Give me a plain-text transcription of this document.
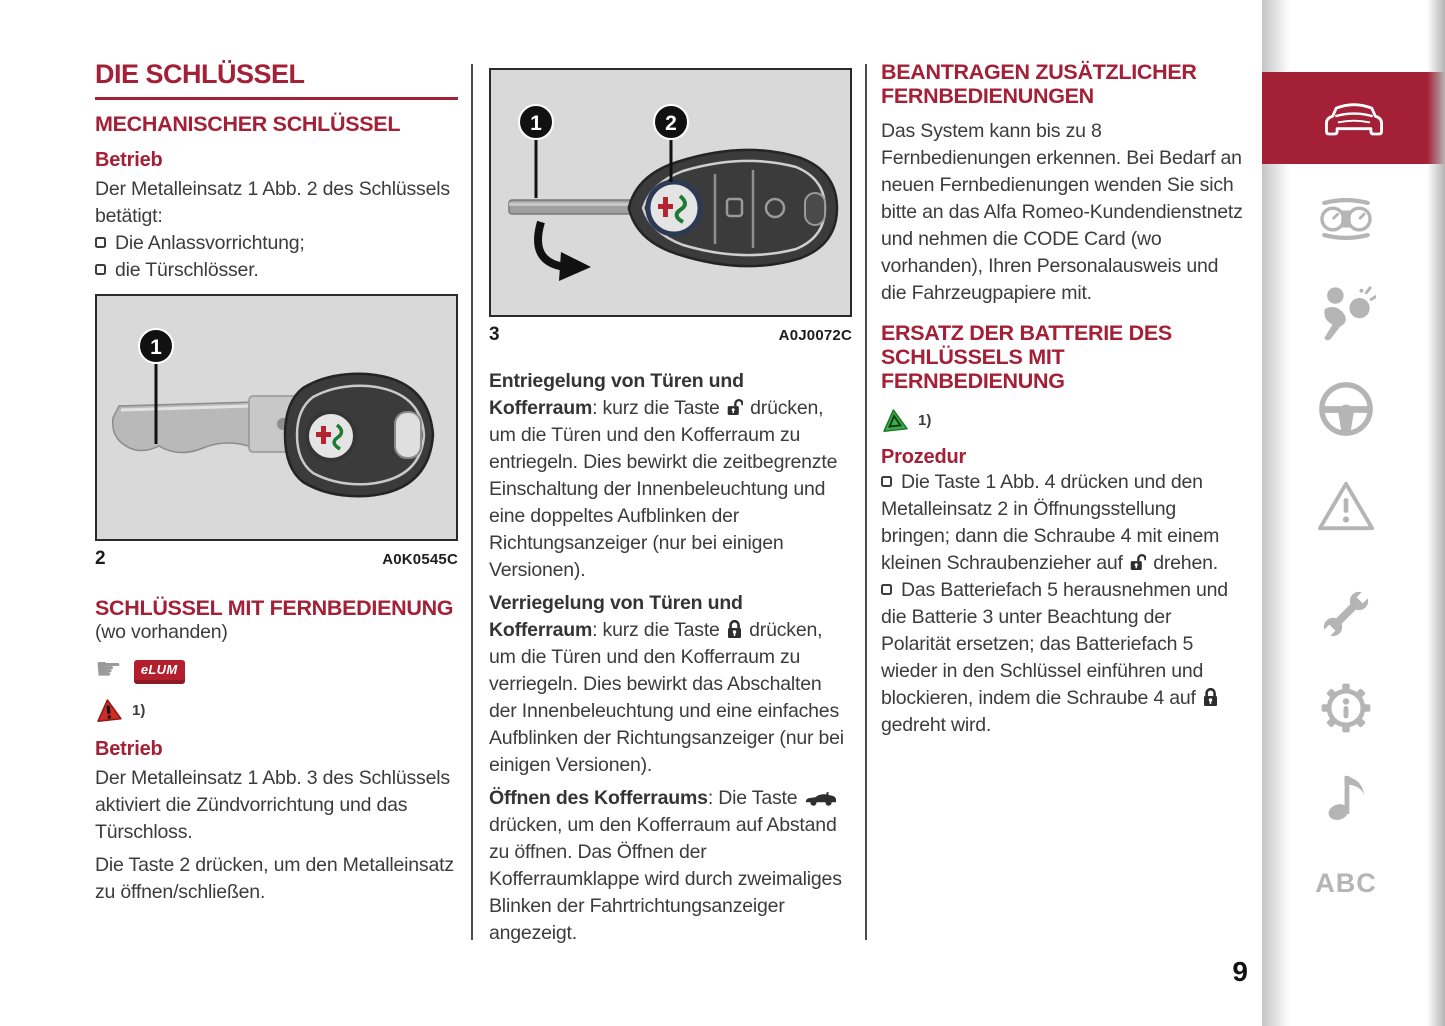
DIE SCHLÜSSEL
MECHANISCHER SCHLÜSSEL
Betrieb

Der Metalleinsatz 1 Abb. 2 des Schlüssels betätigt:

Die Anlassvorrichtung;
die Türschlösser.
1
2	A0K0545C
SCHLÜSSEL MIT FERNBEDIENUNG
(wo vorhanden)
☛	eLUM
1)
Betrieb

Der Metalleinsatz 1 Abb. 3 des Schlüssels aktiviert die Zündvorrichtung und das Türschloss.

Die Taste 2 drücken, um den Metalleinsatz zu öffnen/schließen.

1	2
3	A0J0072C

Entriegelung von Türen und Kofferraum: kurz die Taste drücken, um die Türen und den Kofferraum zu entriegeln. Dies bewirkt die zeitbegrenzte Einschaltung der Innenbeleuchtung und eine doppeltes Aufblinken der Richtungsanzeiger (nur bei einigen Versionen).

Verriegelung von Türen und Kofferraum: kurz die Taste drücken, um die Türen und den Kofferraum zu verriegeln. Dies bewirkt das Abschalten der Innenbeleuchtung und eine einfaches Aufblinken der Richtungsanzeiger (nur bei einigen Versionen).

Öffnen des Kofferraums: Die Taste  drücken, um den Kofferraum auf Abstand zu öffnen. Das Öffnen der Kofferraumklappe wird durch zweimaliges Blinken der Fahrtrichtungsanzeiger angezeigt.

BEANTRAGEN ZUSÄTZLICHER FERNBEDIENUNGEN

Das System kann bis zu 8 Fernbedienungen erkennen. Bei Bedarf an neuen Fernbedienungen wenden Sie sich bitte an das Alfa Romeo-Kundendienstnetz und nehmen die CODE Card (wo vorhanden), Ihren Personalausweis und die Fahrzeugpapiere mit.

ERSATZ DER BATTERIE DES SCHLÜSSELS MIT FERNBEDIENUNG
1)
Prozedur

Die Taste 1 Abb. 4 drücken und den Metalleinsatz 2 in Öffnungsstellung bringen; dann die Schraube 4 mit einem kleinen Schraubenzieher auf drehen.

Das Batteriefach 5 herausnehmen und die Batterie 3 unter Beachtung der Polarität ersetzen; das Batteriefach 5 wieder in den Schlüssel einführen und blockieren, indem die Schraube 4 auf  gedreht wird.

ABC
9
